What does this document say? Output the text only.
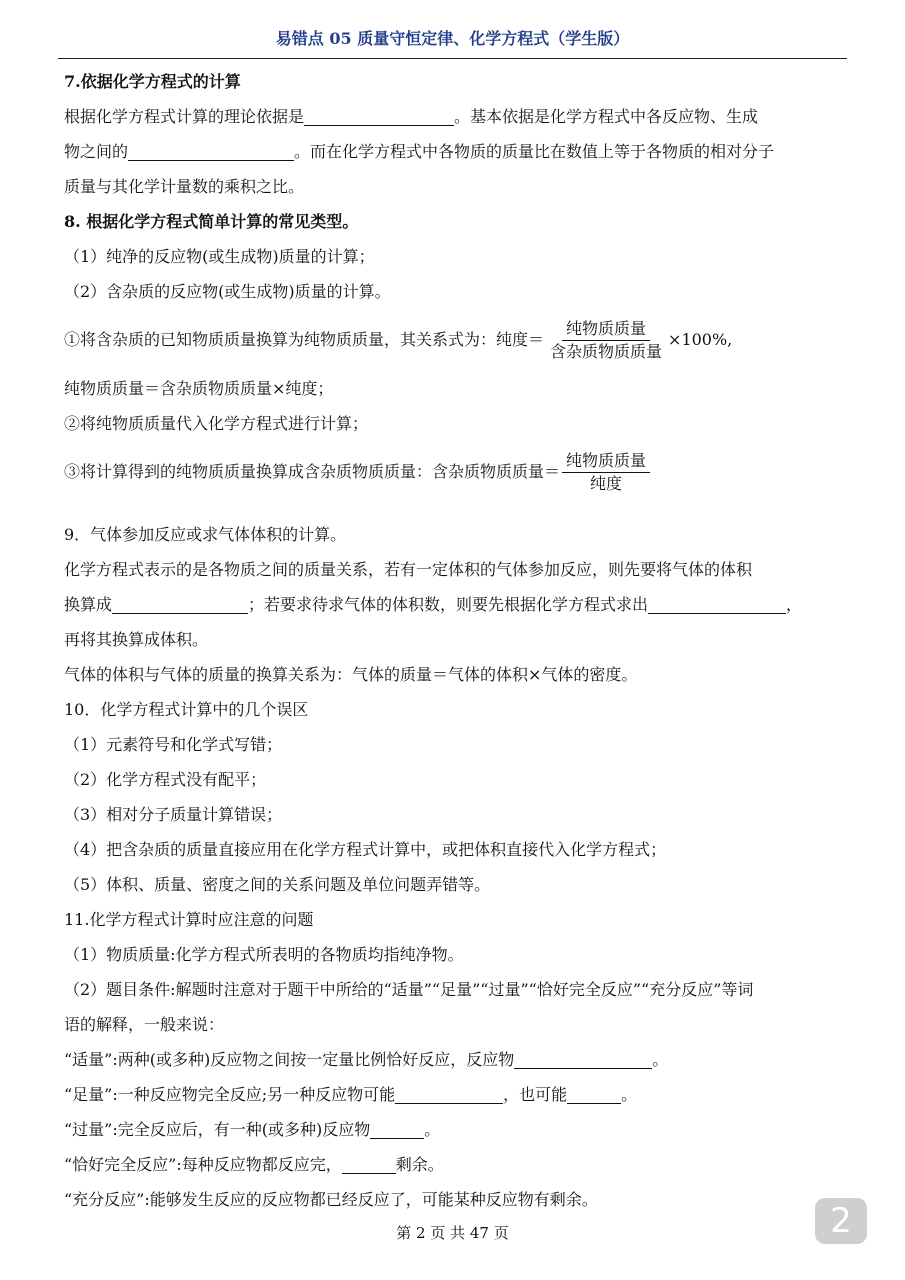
易错点 05 质量守恒定律、化学方程式（学生版）
7.依据化学方程式的计算
根据化学方程式计算的理论依据是	。基本依据是化学方程式中各反应物、生成
物之间的	。而在化学方程式中各物质的质量比在数值上等于各物质的相对分子
质量与其化学计量数的乘积之比。
8. 根据化学方程式简单计算的常见类型。
（1）纯净的反应物(或生成物)质量的计算；
（2）含杂质的反应物(或生成物)质量的计算。
①将含杂质的已知物质质量换算为纯物质质量，其关系式为：纯度＝ $\frac{\text{纯物质质量}}{\text{含杂质物质质量}} \times 100\%$,
纯物质质量＝含杂质物质质量×纯度；
②将纯物质质量代入化学方程式进行计算；
③将计算得到的纯物质质量换算成含杂质物质质量：含杂质物质质量＝ $\frac{\text{纯物质质量}}{\text{纯度}}$
9．气体参加反应或求气体体积的计算。
化学方程式表示的是各物质之间的质量关系，若有一定体积的气体参加反应，则先要将气体的体积
换算成	；若要求待求气体的体积数，则要先根据化学方程式求出	，
再将其换算成体积。
气体的体积与气体的质量的换算关系为：气体的质量＝气体的体积×气体的密度。
10．化学方程式计算中的几个误区
（1）元素符号和化学式写错；
（2）化学方程式没有配平；
（3）相对分子质量计算错误；
（4）把含杂质的质量直接应用在化学方程式计算中，或把体积直接代入化学方程式；
（5）体积、质量、密度之间的关系问题及单位问题弄错等。
11.化学方程式计算时应注意的问题
（1）物质质量:化学方程式所表明的各物质均指纯净物。
（2）题目条件:解题时注意对于题干中所给的“适量”“足量”“过量”“恰好完全反应”“充分反应”等词
语的解释，一般来说：
“适量”:两种(或多种)反应物之间按一定量比例恰好反应，反应物	。
“足量”:一种反应物完全反应;另一种反应物可能	，也可能	。
“过量”:完全反应后，有一种(或多种)反应物	。
“恰好完全反应”:每种反应物都反应完，	剩余。
“充分反应”:能够发生反应的反应物都已经反应了，可能某种反应物有剩余。
第 2 页 共 47 页	2
